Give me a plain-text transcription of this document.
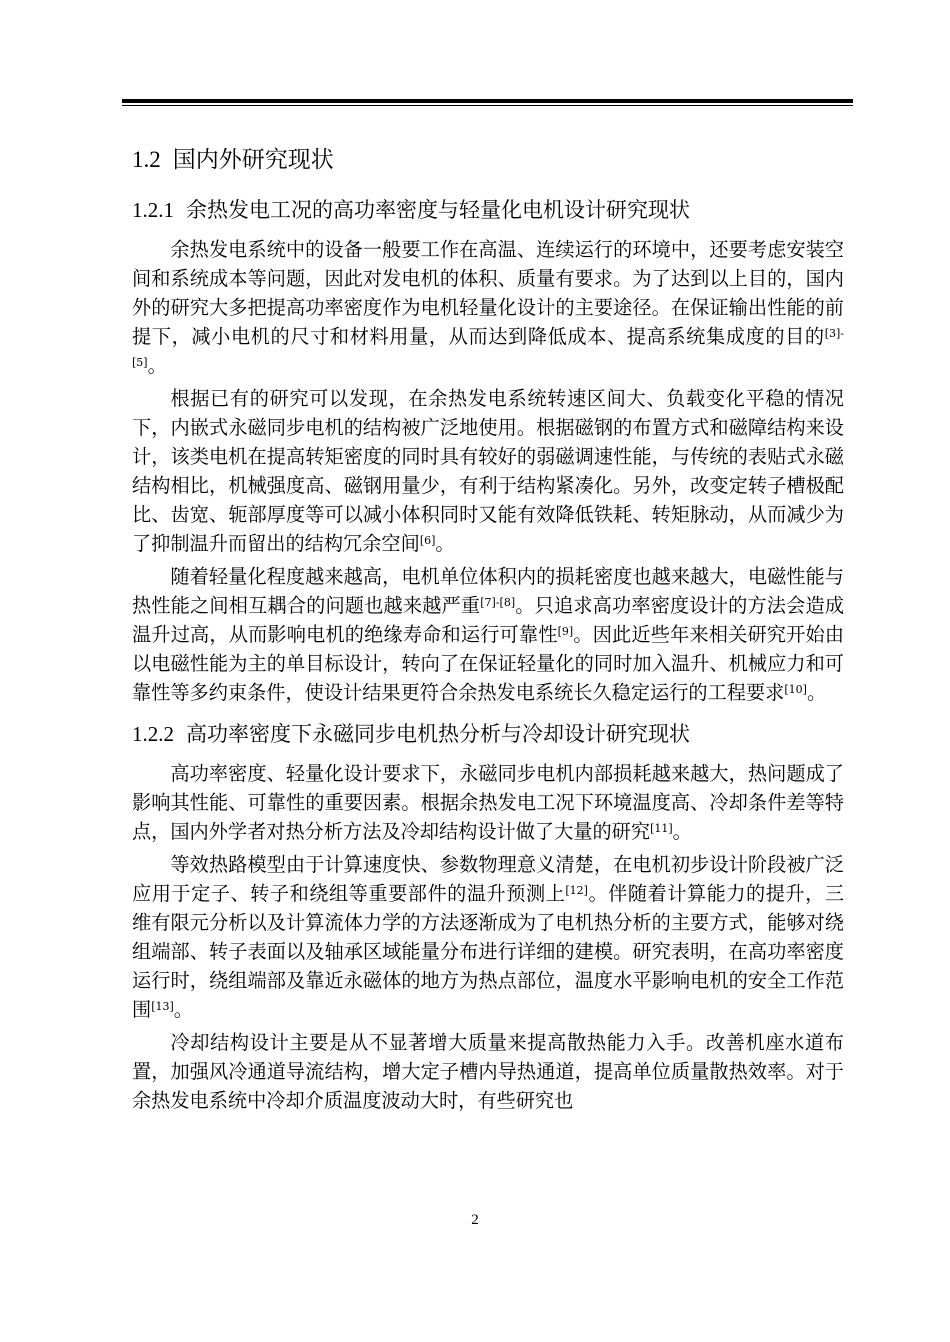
1.2 国内外研究现状
1.2.1 余热发电工况的高功率密度与轻量化电机设计研究现状

余热发电系统中的设备一般要工作在高温、连续运行的环境中，还要考虑安装空间和系统成本等问题，因此对发电机的体积、质量有要求。为了达到以上目的，国内外的研究大多把提高功率密度作为电机轻量化设计的主要途径。在保证输出性能的前提下，减小电机的尺寸和材料用量，从而达到降低成本、提高系统集成度的目的[3]-[5]。

根据已有的研究可以发现，在余热发电系统转速区间大、负载变化平稳的情况下，内嵌式永磁同步电机的结构被广泛地使用。根据磁钢的布置方式和磁障结构来设计，该类电机在提高转矩密度的同时具有较好的弱磁调速性能，与传统的表贴式永磁结构相比，机械强度高、磁钢用量少，有利于结构紧凑化。另外，改变定转子槽极配比、齿宽、轭部厚度等可以减小体积同时又能有效降低铁耗、转矩脉动，从而减少为了抑制温升而留出的结构冗余空间[6]。

随着轻量化程度越来越高，电机单位体积内的损耗密度也越来越大，电磁性能与热性能之间相互耦合的问题也越来越严重[7]-[8]。只追求高功率密度设计的方法会造成温升过高，从而影响电机的绝缘寿命和运行可靠性[9]。因此近些年来相关研究开始由以电磁性能为主的单目标设计，转向了在保证轻量化的同时加入温升、机械应力和可靠性等多约束条件，使设计结果更符合余热发电系统长久稳定运行的工程要求[10]。

1.2.2 高功率密度下永磁同步电机热分析与冷却设计研究现状

高功率密度、轻量化设计要求下，永磁同步电机内部损耗越来越大，热问题成了影响其性能、可靠性的重要因素。根据余热发电工况下环境温度高、冷却条件差等特点，国内外学者对热分析方法及冷却结构设计做了大量的研究[11]。

等效热路模型由于计算速度快、参数物理意义清楚，在电机初步设计阶段被广泛应用于定子、转子和绕组等重要部件的温升预测上[12]。伴随着计算能力的提升，三维有限元分析以及计算流体力学的方法逐渐成为了电机热分析的主要方式，能够对绕组端部、转子表面以及轴承区域能量分布进行详细的建模。研究表明，在高功率密度运行时，绕组端部及靠近永磁体的地方为热点部位，温度水平影响电机的安全工作范围[13]。

冷却结构设计主要是从不显著增大质量来提高散热能力入手。改善机座水道布置，加强风冷通道导流结构，增大定子槽内导热通道，提高单位质量散热效率。对于余热发电系统中冷却介质温度波动大时，有些研究也

2
